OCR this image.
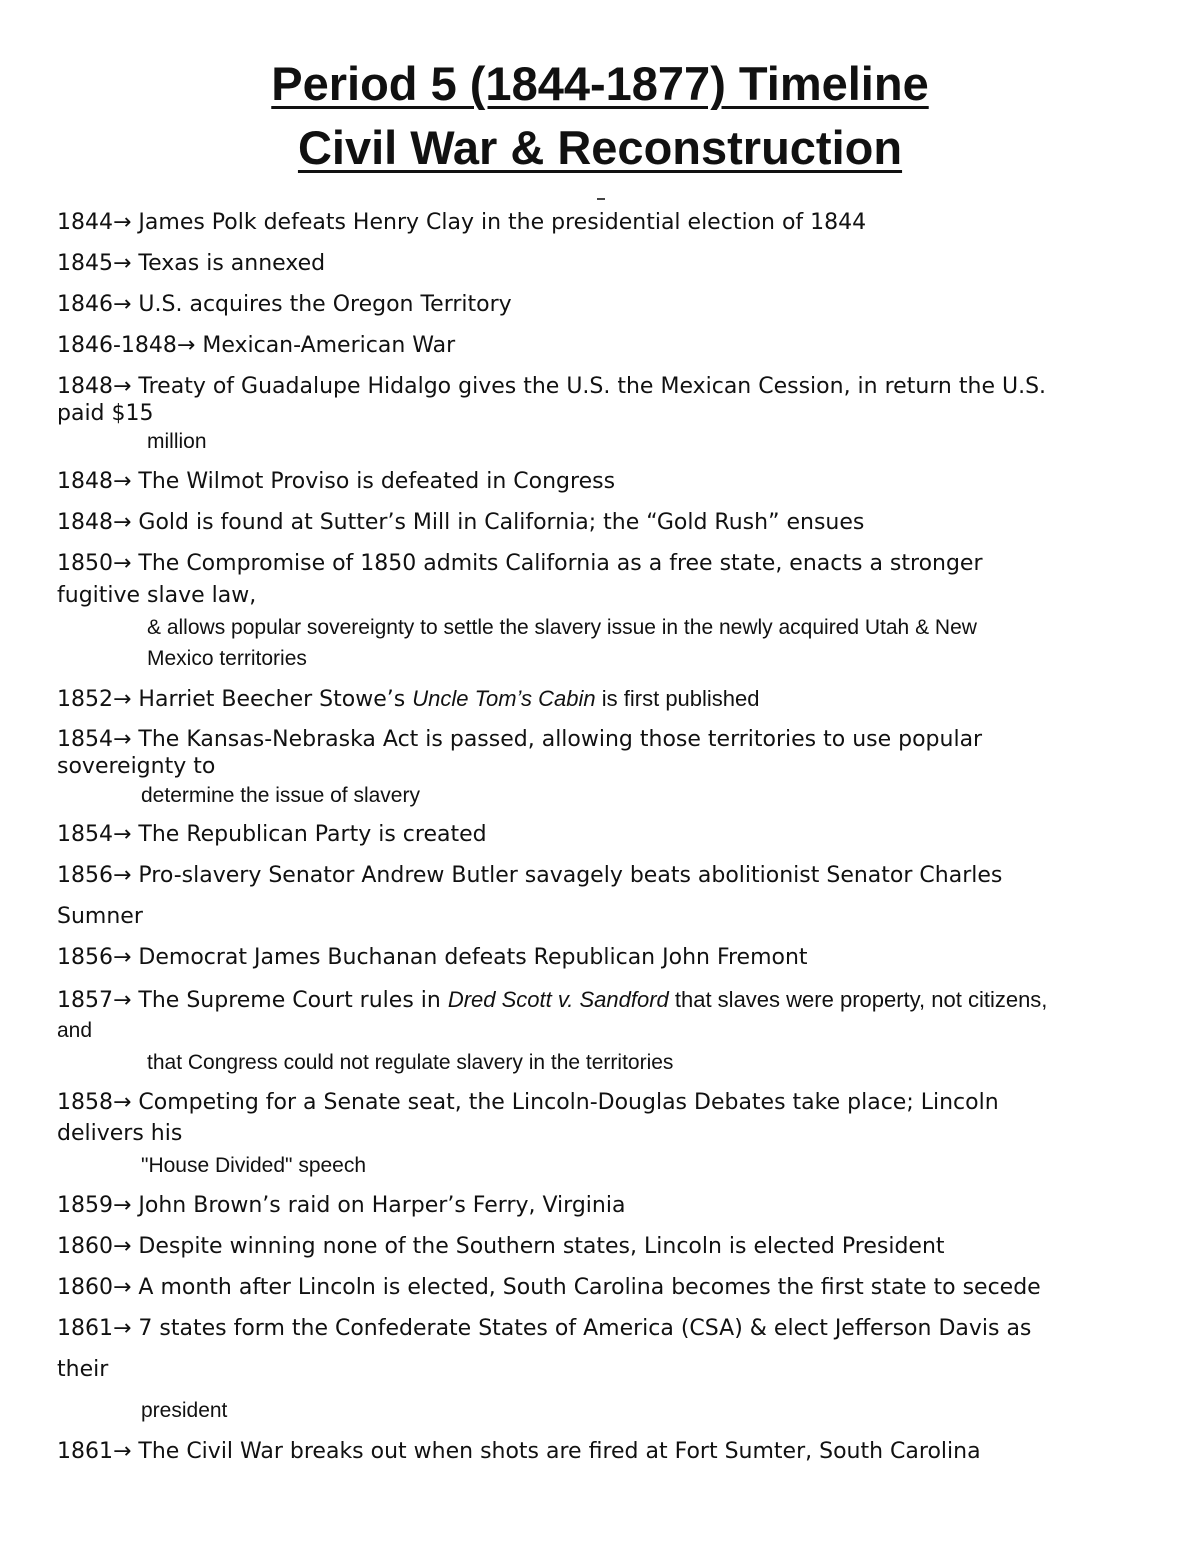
Period 5 (1844-1877) Timeline
Civil War & Reconstruction
1844→ James Polk defeats Henry Clay in the presidential election of 1844
1845→ Texas is annexed
1846→ U.S. acquires the Oregon Territory
1846-1848→ Mexican-American War
1848→ Treaty of Guadalupe Hidalgo gives the U.S. the Mexican Cession, in return the U.S.
paid $15
million
1848→ The Wilmot Proviso is defeated in Congress
1848→ Gold is found at Sutter’s Mill in California; the “Gold Rush” ensues
1850→ The Compromise of 1850 admits California as a free state, enacts a stronger
fugitive slave law,
& allows popular sovereignty to settle the slavery issue in the newly acquired Utah & New
Mexico territories
1852→ Harriet Beecher Stowe’s Uncle Tom’s Cabin is first published
1854→ The Kansas-Nebraska Act is passed, allowing those territories to use popular
sovereignty to
determine the issue of slavery
1854→ The Republican Party is created
1856→ Pro-slavery Senator Andrew Butler savagely beats abolitionist Senator Charles
Sumner
1856→ Democrat James Buchanan defeats Republican John Fremont
1857→ The Supreme Court rules in Dred Scott v. Sandford that slaves were property, not citizens,
and
that Congress could not regulate slavery in the territories
1858→ Competing for a Senate seat, the Lincoln-Douglas Debates take place; Lincoln
delivers his
"House Divided" speech
1859→ John Brown’s raid on Harper’s Ferry, Virginia
1860→ Despite winning none of the Southern states, Lincoln is elected President
1860→ A month after Lincoln is elected, South Carolina becomes the first state to secede
1861→ 7 states form the Confederate States of America (CSA) & elect Jefferson Davis as
their
president
1861→ The Civil War breaks out when shots are fired at Fort Sumter, South Carolina
